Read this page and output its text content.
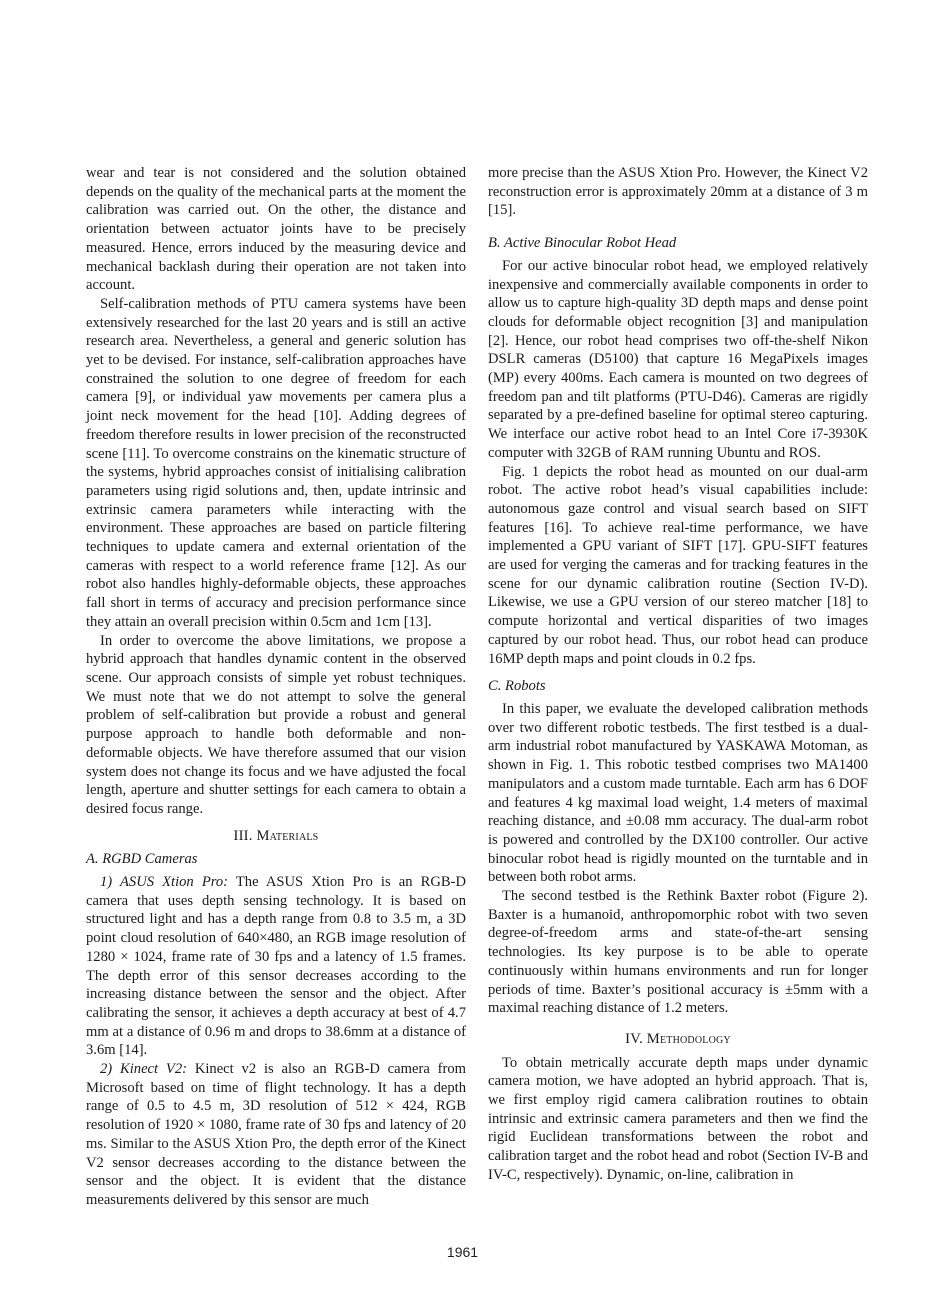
wear and tear is not considered and the solution obtained depends on the quality of the mechanical parts at the moment the calibration was carried out. On the other, the distance and orientation between actuator joints have to be precisely measured. Hence, errors induced by the measuring device and mechanical backlash during their operation are not taken into account.

Self-calibration methods of PTU camera systems have been extensively researched for the last 20 years and is still an active research area. Nevertheless, a general and generic solution has yet to be devised. For instance, self-calibration approaches have constrained the solution to one degree of freedom for each camera [9], or individual yaw movements per camera plus a joint neck movement for the head [10]. Adding degrees of freedom therefore results in lower precision of the reconstructed scene [11]. To overcome constrains on the kinematic structure of the systems, hybrid approaches consist of initialising calibration parameters using rigid solutions and, then, update intrinsic and extrinsic camera parameters while interacting with the environment. These approaches are based on particle filtering techniques to update camera and external orientation of the cameras with respect to a world reference frame [12]. As our robot also handles highly-deformable objects, these approaches fall short in terms of accuracy and precision performance since they attain an overall precision within 0.5cm and 1cm [13].

In order to overcome the above limitations, we propose a hybrid approach that handles dynamic content in the observed scene. Our approach consists of simple yet robust techniques. We must note that we do not attempt to solve the general problem of self-calibration but provide a robust and general purpose approach to handle both deformable and non-deformable objects. We have therefore assumed that our vision system does not change its focus and we have adjusted the focal length, aperture and shutter settings for each camera to obtain a desired focus range.

III. Materials
A. RGBD Cameras

1) ASUS Xtion Pro: The ASUS Xtion Pro is an RGB-D camera that uses depth sensing technology. It is based on structured light and has a depth range from 0.8 to 3.5 m, a 3D point cloud resolution of 640×480, an RGB image resolution of 1280 × 1024, frame rate of 30 fps and a latency of 1.5 frames. The depth error of this sensor decreases according to the increasing distance between the sensor and the object. After calibrating the sensor, it achieves a depth accuracy at best of 4.7 mm at a distance of 0.96 m and drops to 38.6mm at a distance of 3.6m [14].

2) Kinect V2: Kinect v2 is also an RGB-D camera from Microsoft based on time of flight technology. It has a depth range of 0.5 to 4.5 m, 3D resolution of 512 × 424, RGB resolution of 1920 × 1080, frame rate of 30 fps and latency of 20 ms. Similar to the ASUS Xtion Pro, the depth error of the Kinect V2 sensor decreases according to the distance between the sensor and the object. It is evident that the distance measurements delivered by this sensor are much

more precise than the ASUS Xtion Pro. However, the Kinect V2 reconstruction error is approximately 20mm at a distance of 3 m [15].

B. Active Binocular Robot Head

For our active binocular robot head, we employed relatively inexpensive and commercially available components in order to allow us to capture high-quality 3D depth maps and dense point clouds for deformable object recognition [3] and manipulation [2]. Hence, our robot head comprises two off-the-shelf Nikon DSLR cameras (D5100) that capture 16 MegaPixels images (MP) every 400ms. Each camera is mounted on two degrees of freedom pan and tilt platforms (PTU-D46). Cameras are rigidly separated by a pre-defined baseline for optimal stereo capturing. We interface our active robot head to an Intel Core i7-3930K computer with 32GB of RAM running Ubuntu and ROS.

Fig. 1 depicts the robot head as mounted on our dual-arm robot. The active robot head’s visual capabilities include: autonomous gaze control and visual search based on SIFT features [16]. To achieve real-time performance, we have implemented a GPU variant of SIFT [17]. GPU-SIFT features are used for verging the cameras and for tracking features in the scene for our dynamic calibration routine (Section IV-D). Likewise, we use a GPU version of our stereo matcher [18] to compute horizontal and vertical disparities of two images captured by our robot head. Thus, our robot head can produce 16MP depth maps and point clouds in 0.2 fps.

C. Robots

In this paper, we evaluate the developed calibration methods over two different robotic testbeds. The first testbed is a dual-arm industrial robot manufactured by YASKAWA Motoman, as shown in Fig. 1. This robotic testbed comprises two MA1400 manipulators and a custom made turntable. Each arm has 6 DOF and features 4 kg maximal load weight, 1.4 meters of maximal reaching distance, and ±0.08 mm accuracy. The dual-arm robot is powered and controlled by the DX100 controller. Our active binocular robot head is rigidly mounted on the turntable and in between both robot arms.

The second testbed is the Rethink Baxter robot (Figure 2). Baxter is a humanoid, anthropomorphic robot with two seven degree-of-freedom arms and state-of-the-art sensing technologies. Its key purpose is to be able to operate continuously within humans environments and run for longer periods of time. Baxter’s positional accuracy is ±5mm with a maximal reaching distance of 1.2 meters.

IV. Methodology

To obtain metrically accurate depth maps under dynamic camera motion, we have adopted an hybrid approach. That is, we first employ rigid camera calibration routines to obtain intrinsic and extrinsic camera parameters and then we find the rigid Euclidean transformations between the robot and calibration target and the robot head and robot (Section IV-B and IV-C, respectively). Dynamic, on-line, calibration in

1961
